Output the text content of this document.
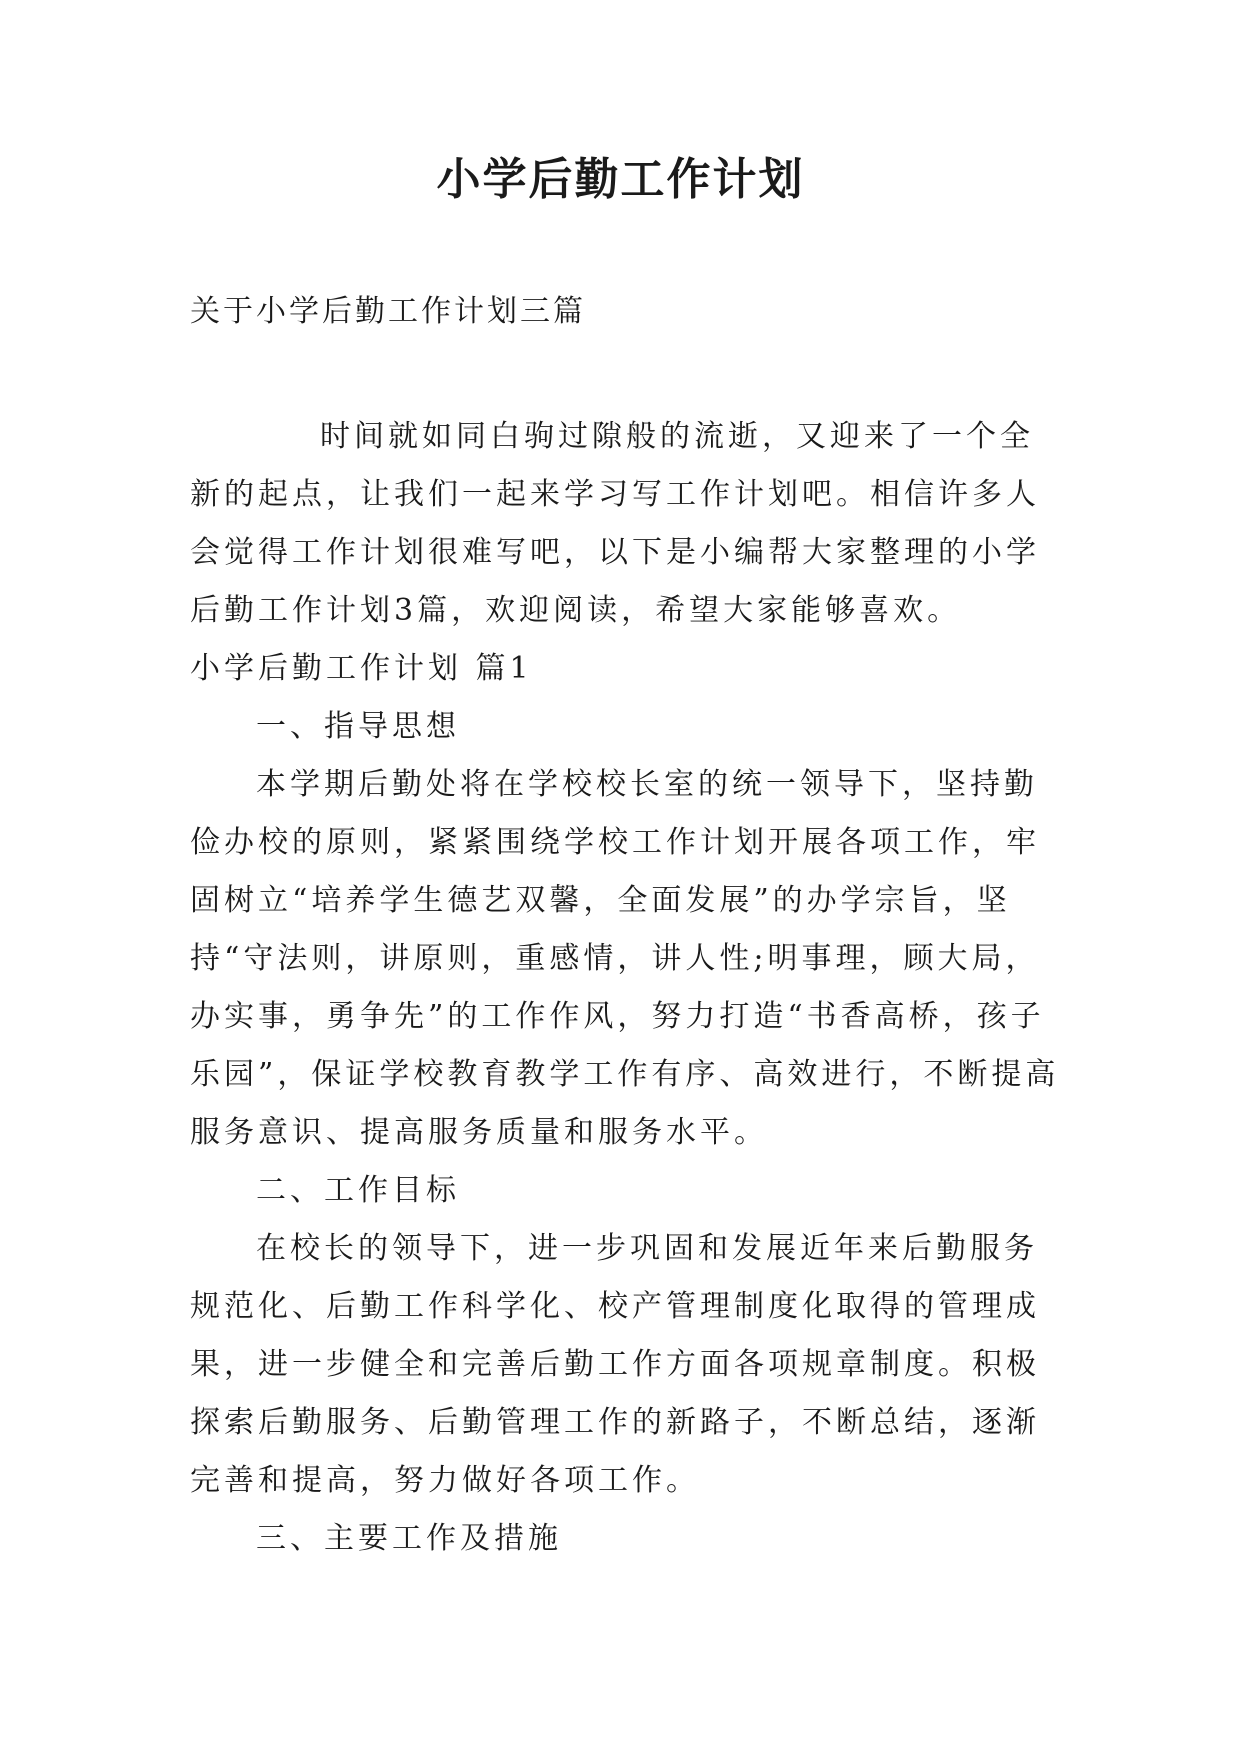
小学后勤工作计划
关于小学后勤工作计划三篇

时间就如同白驹过隙般的流逝，又迎来了一个全新的起点，让我们一起来学习写工作计划吧。相信许多人会觉得工作计划很难写吧，以下是小编帮大家整理的小学后勤工作计划3篇，欢迎阅读，希望大家能够喜欢。

小学后勤工作计划 篇1

一、指导思想

本学期后勤处将在学校校长室的统一领导下，坚持勤俭办校的原则，紧紧围绕学校工作计划开展各项工作，牢固树立“培养学生德艺双馨，全面发展”的办学宗旨，坚持“守法则，讲原则，重感情，讲人性;明事理，顾大局，办实事，勇争先”的工作作风，努力打造“书香高桥，孩子乐园”，保证学校教育教学工作有序、高效进行，不断提高服务意识、提高服务质量和服务水平。

二、工作目标

在校长的领导下，进一步巩固和发展近年来后勤服务规范化、后勤工作科学化、校产管理制度化取得的管理成果，进一步健全和完善后勤工作方面各项规章制度。积极探索后勤服务、后勤管理工作的新路子，不断总结，逐渐完善和提高，努力做好各项工作。

三、主要工作及措施
